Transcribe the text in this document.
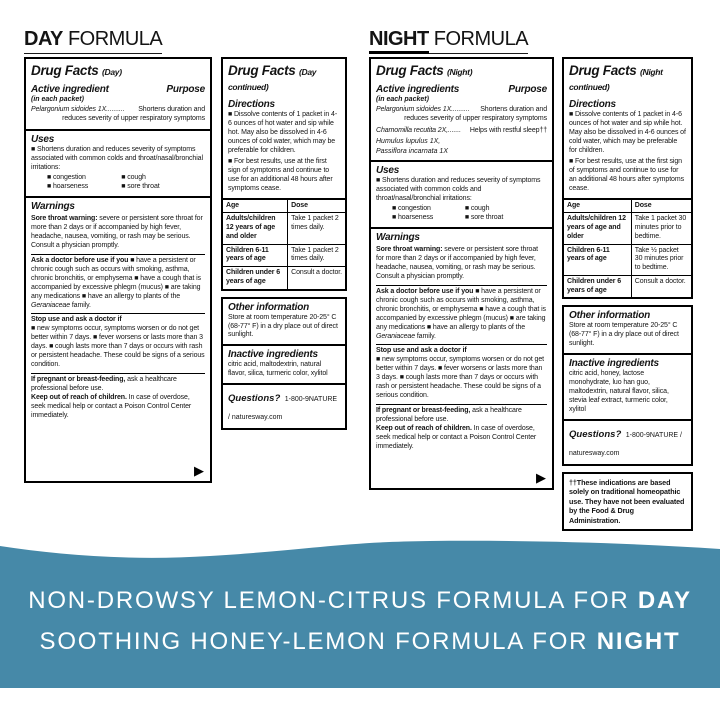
DAY FORMULA
Drug Facts (Day)
Active ingredient	Purpose
(in each packet)
Pelargonium sidoides 1X.......... Shortens duration and reduces severity of upper respiratory symptoms
Uses
■ Shortens duration and reduces severity of symptoms associated with common colds and throat/nasal/bronchial irritations:
■ congestion	■ cough
■ hoarseness	■ sore throat
Warnings
Sore throat warning: severe or persistent sore throat for more than 2 days or if accompanied by high fever, headache, nausea, vomiting, or rash may be serious. Consult a physician promptly.
Ask a doctor before use if you ■ have a persistent or chronic cough such as occurs with smoking, asthma, chronic bronchitis, or emphysema ■ have a cough that is accompanied by excessive phlegm (mucus) ■ are taking any medications ■ have an allergy to plants of the Geraniaceae family.
Stop use and ask a doctor if
■ new symptoms occur, symptoms worsen or do not get better within 7 days. ■ fever worsens or lasts more than 3 days. ■ cough lasts more than 7 days or occurs with rash or persistent headache. These could be signs of a serious condition.
If pregnant or breast-feeding, ask a healthcare professional before use.
Keep out of reach of children. In case of overdose, seek medical help or contact a Poison Control Center immediately.
▶
Drug Facts (Day continued)
Directions
■ Dissolve contents of 1 packet in 4-6 ounces of hot water and sip while hot. May also be dissolved in 4-6 ounces of cold water, which may be preferable for children.
■ For best results, use at the first sign of symptoms and continue to use for an additional 48 hours after symptoms cease.
Age	Dose
Adults/children 12 years of age and older	Take 1 packet 2 times daily.
Children 6-11 years of age	Take 1 packet 2 times daily.
Children under 6 years of age	Consult a doctor.
Other information
Store at room temperature 20-25° C (68-77° F) in a dry place out of direct sunlight.
Inactive ingredients
citric acid, maltodextrin, natural flavor, silica, turmeric color, xylitol
Questions? 1-800-9NATURE / naturesway.com
NIGHT FORMULA
Drug Facts (Night)
Active ingredients	Purpose
(in each packet)
Pelargonium sidoides 1X.......... Shortens duration and reduces severity of upper respiratory symptoms
Chamomilla recutita 2X,....... Helps with restful sleep††
Humulus lupulus 1X,
Passiflora incarnata 1X
Uses
■ Shortens duration and reduces severity of symptoms associated with common colds and throat/nasal/bronchial irritations:
■ congestion	■ cough
■ hoarseness	■ sore throat
Warnings
Sore throat warning: severe or persistent sore throat for more than 2 days or if accompanied by high fever, headache, nausea, vomiting, or rash may be serious. Consult a physician promptly.
Ask a doctor before use if you ■ have a persistent or chronic cough such as occurs with smoking, asthma, chronic bronchitis, or emphysema ■ have a cough that is accompanied by excessive phlegm (mucus) ■ are taking any medications ■ have an allergy to plants of the Geraniaceae family.
Stop use and ask a doctor if
■ new symptoms occur, symptoms worsen or do not get better within 7 days. ■ fever worsens or lasts more than 3 days. ■ cough lasts more than 7 days or occurs with rash or persistent headache. These could be signs of a serious condition.
If pregnant or breast-feeding, ask a healthcare professional before use.
Keep out of reach of children. In case of overdose, seek medical help or contact a Poison Control Center immediately.
▶
Drug Facts (Night continued)
Directions
■ Dissolve contents of 1 packet in 4-6 ounces of hot water and sip while hot. May also be dissolved in 4-6 ounces of cold water, which may be preferable for children.
■ For best results, use at the first sign of symptoms and continue to use for an additional 48 hours after symptoms cease.
Age	Dose
Adults/children 12 years of age and older	Take 1 packet 30 minutes prior to bedtime.
Children 6-11 years of age	Take ½ packet 30 minutes prior to bedtime.
Children under 6 years of age	Consult a doctor.
Other information
Store at room temperature 20-25° C (68-77° F) in a dry place out of direct sunlight.
Inactive ingredients
citric acid, honey, lactose monohydrate, luo han guo, maltodextrin, natural flavor, silica, stevia leaf extract, turmeric color, xylitol
Questions? 1-800-9NATURE / naturesway.com
††These indications are based solely on traditional homeopathic use. They have not been evaluated by the Food & Drug Administration.
NON-DROWSY LEMON-CITRUS FORMULA FOR DAY
SOOTHING HONEY-LEMON FORMULA FOR NIGHT
